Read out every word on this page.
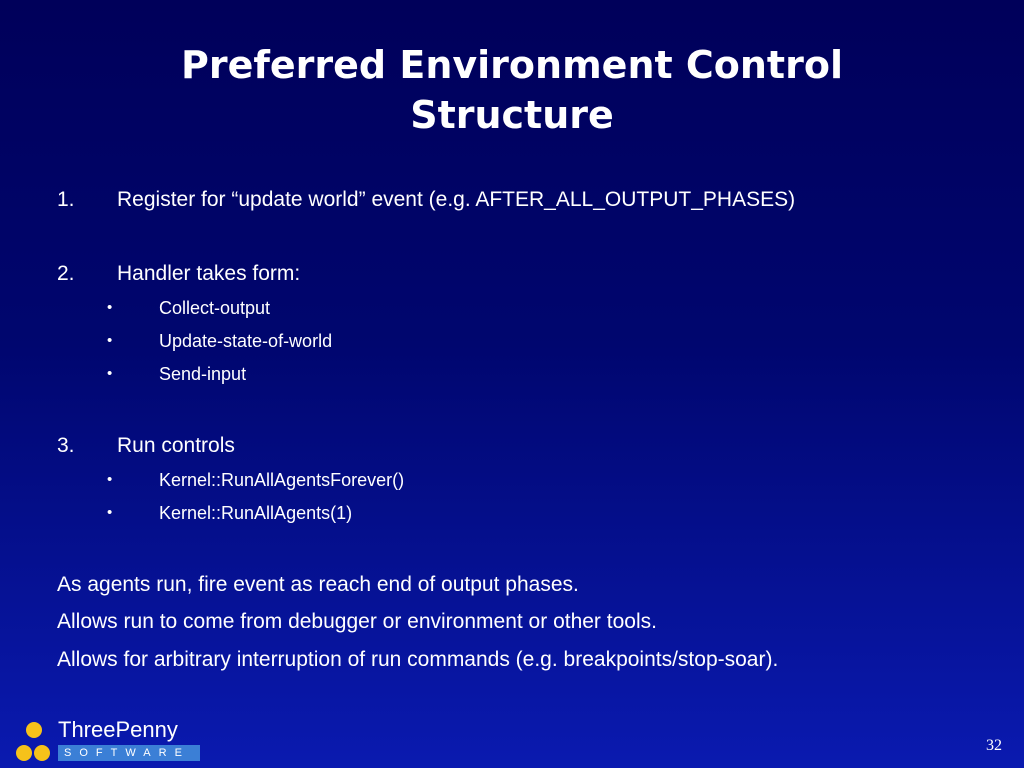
Preferred Environment Control
Structure
1. Register for “update world” event (e.g. AFTER_ALL_OUTPUT_PHASES)
2. Handler takes form:
•	Collect-output
•	Update-state-of-world
•	Send-input
3. Run controls
•	Kernel::RunAllAgentsForever()
•	Kernel::RunAllAgents(1)
As agents run, fire event as reach end of output phases.
Allows run to come from debugger or environment or other tools.
Allows for arbitrary interruption of run commands (e.g. breakpoints/stop-soar).
ThreePenny
SOFTWARE	32
